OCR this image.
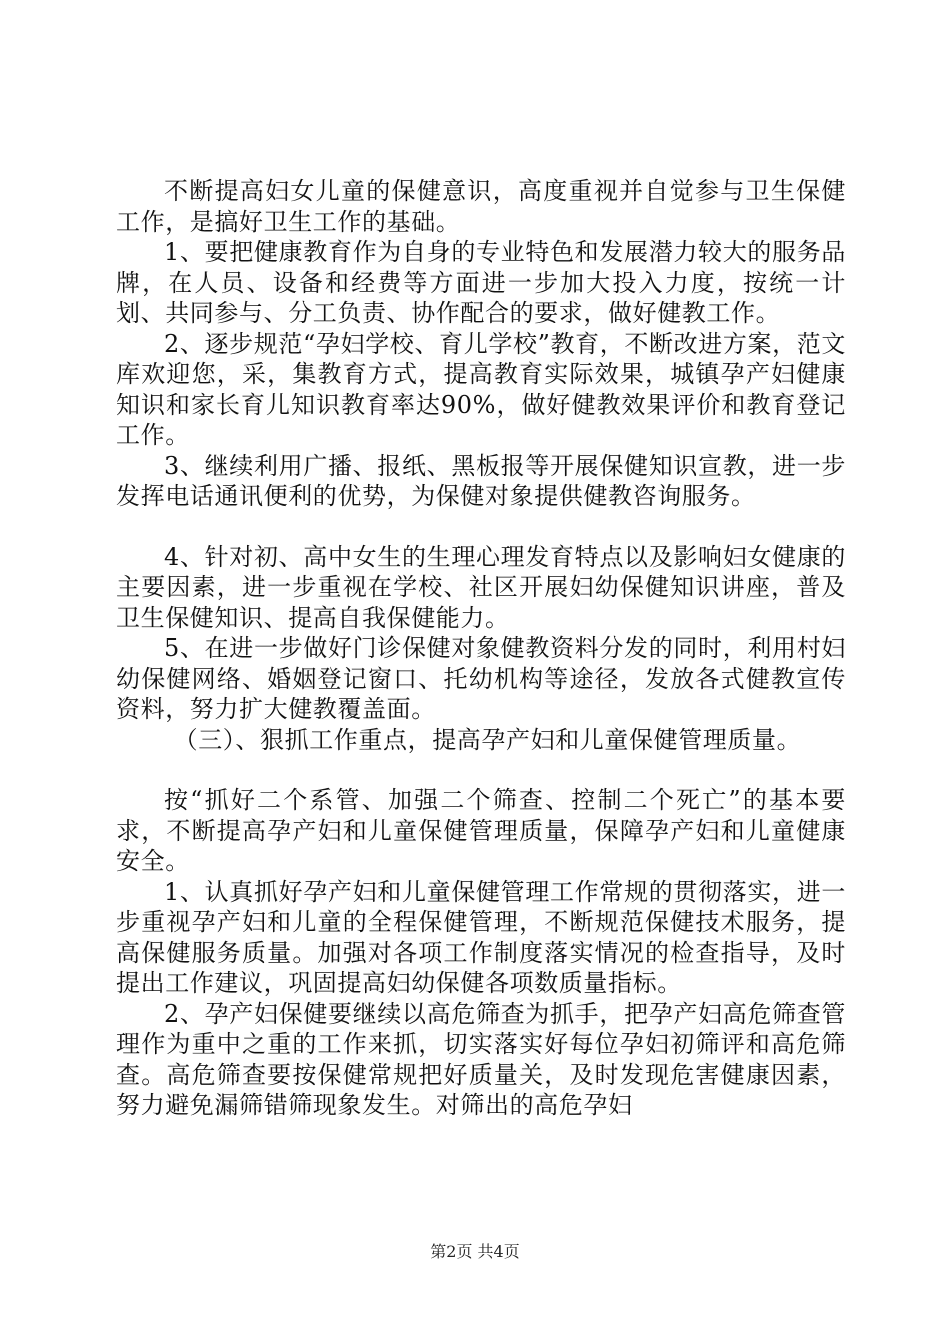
不断提高妇女儿童的保健意识，高度重视并自觉参与卫生保健工作，是搞好卫生工作的基础。

1、要把健康教育作为自身的专业特色和发展潜力较大的服务品牌，在人员、设备和经费等方面进一步加大投入力度，按统一计划、共同参与、分工负责、协作配合的要求，做好健教工作。

2、逐步规范“孕妇学校、育儿学校”教育，不断改进方案，范文库欢迎您，采，集教育方式，提高教育实际效果，城镇孕产妇健康知识和家长育儿知识教育率达90%，做好健教效果评价和教育登记工作。

3、继续利用广播、报纸、黑板报等开展保健知识宣教，进一步发挥电话通讯便利的优势，为保健对象提供健教咨询服务。

4、针对初、高中女生的生理心理发育特点以及影响妇女健康的主要因素，进一步重视在学校、社区开展妇幼保健知识讲座，普及卫生保健知识、提高自我保健能力。

5、在进一步做好门诊保健对象健教资料分发的同时，利用村妇幼保健网络、婚姻登记窗口、托幼机构等途径，发放各式健教宣传资料，努力扩大健教覆盖面。

（三）、狠抓工作重点，提高孕产妇和儿童保健管理质量。

按“抓好二个系管、加强二个筛查、控制二个死亡”的基本要求，不断提高孕产妇和儿童保健管理质量，保障孕产妇和儿童健康安全。

1、认真抓好孕产妇和儿童保健管理工作常规的贯彻落实，进一步重视孕产妇和儿童的全程保健管理，不断规范保健技术服务，提高保健服务质量。加强对各项工作制度落实情况的检查指导，及时提出工作建议，巩固提高妇幼保健各项数质量指标。

2、孕产妇保健要继续以高危筛查为抓手，把孕产妇高危筛查管理作为重中之重的工作来抓，切实落实好每位孕妇初筛评和高危筛查。高危筛查要按保健常规把好质量关，及时发现危害健康因素，努力避免漏筛错筛现象发生。对筛出的高危孕妇

第2页 共4页
